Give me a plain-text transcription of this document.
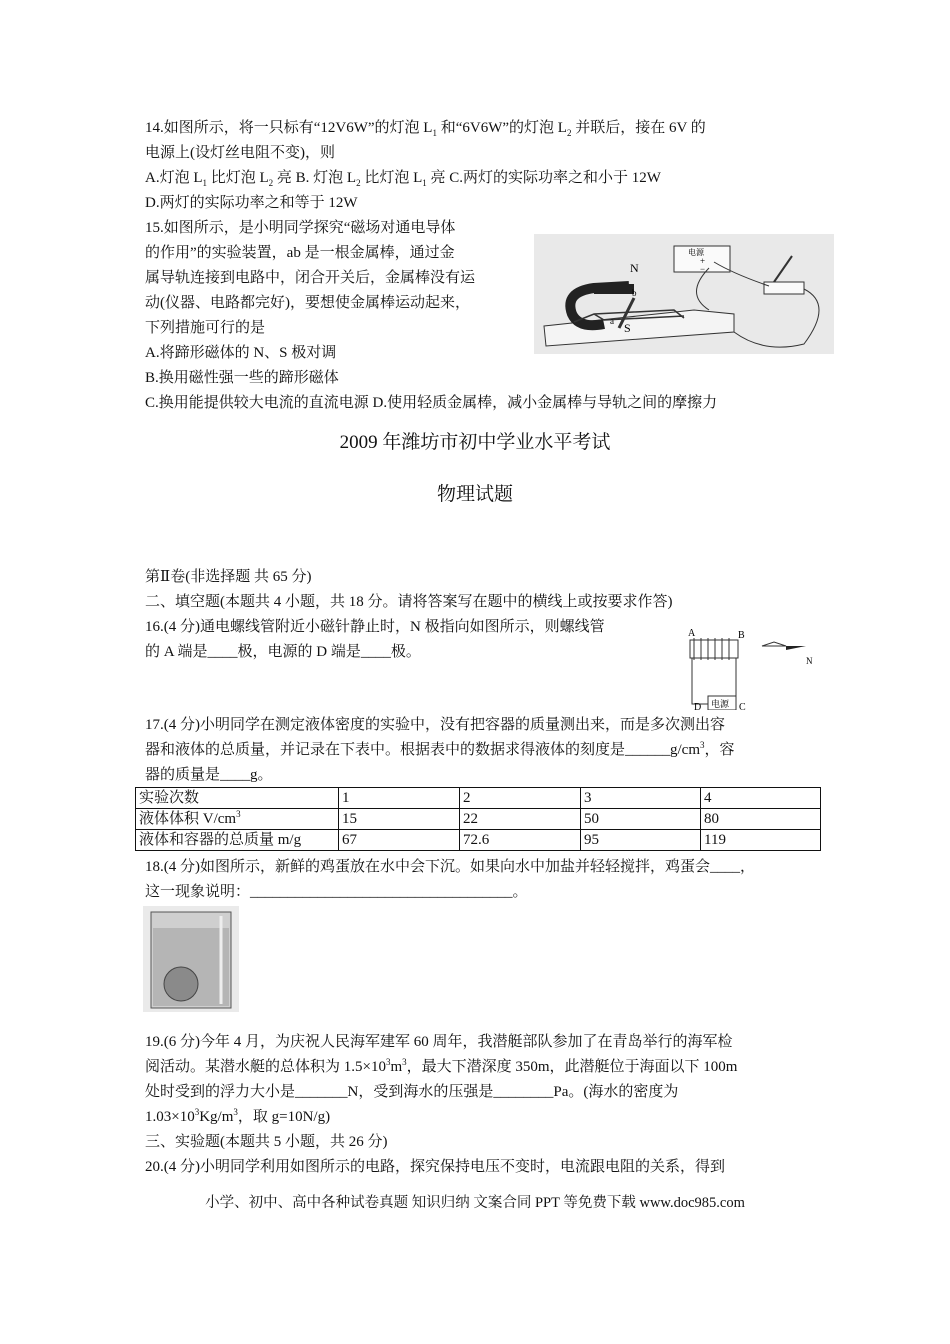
14.如图所示，将一只标有“12V6W”的灯泡 $L_1$ 和“6V6W”的灯泡 $L_2$ 并联后，接在 6V 的
电源上(设灯丝电阻不变)，则
A.灯泡 $L_1$ 比灯泡 $L_2$ 亮 B. 灯泡 $L_2$ 比灯泡 $L_1$ 亮 C.两灯的实际功率之和小于 12W
D.两灯的实际功率之和等于 12W
15.如图所示，是小明同学探究“磁场对通电导体
的作用”的实验装置，ab 是一根金属棒，通过金
属导轨连接到电路中，闭合开关后，金属棒没有运
动(仪器、电路都完好)，要想使金属棒运动起来，
下列措施可行的是
A.将蹄形磁体的 N、S 极对调
B.换用磁性强一些的蹄形磁体
C.换用能提供较大电流的直流电源 D.使用轻质金属棒，减小金属棒与导轨之间的摩擦力
N
S
a
b
电源
+
−
2009 年潍坊市初中学业水平考试
物理试题
第Ⅱ卷(非选择题 共 65 分)
二、填空题(本题共 4 小题，共 18 分。请将答案写在题中的横线上或按要求作答)
16.(4 分)通电螺线管附近小磁针静止时，N 极指向如图所示，则螺线管
的 A 端是____极，电源的 D 端是____极。
A	B
电源
D	C
N
17.(4 分)小明同学在测定液体密度的实验中，没有把容器的质量测出来，而是多次测出容
器和液体的总质量，并记录在下表中。根据表中的数据求得液体的刻度是$\_\_\_\_\_\_g/cm^3$，容
器的质量是____g。
实验次数	1	2	3	4
液体体积 $V/cm^3$	15	22	50	80
液体和容器的总质量 m/g	67	72.6	95	119
18.(4 分)如图所示，新鲜的鸡蛋放在水中会下沉。如果向水中加盐并轻轻搅拌，鸡蛋会____，
这一现象说明：___________________________________。
19.(6 分)今年 4 月，为庆祝人民海军建军 60 周年，我潜艇部队参加了在青岛举行的海军检
阅活动。某潜水艇的总体积为 $1.5\times 10^3m^3$，最大下潜深度 350m，此潜艇位于海面以下 100m
处时受到的浮力大小是_______N，受到海水的压强是________Pa。(海水的密度为
$1.03\times 10^3Kg/m^3$，取 g=10N/g)
三、实验题(本题共 5 小题，共 26 分)
20.(4 分)小明同学利用如图所示的电路，探究保持电压不变时，电流跟电阻的关系，得到
小学、初中、高中各种试卷真题 知识归纳 文案合同 PPT 等免费下载 www.doc985.com
